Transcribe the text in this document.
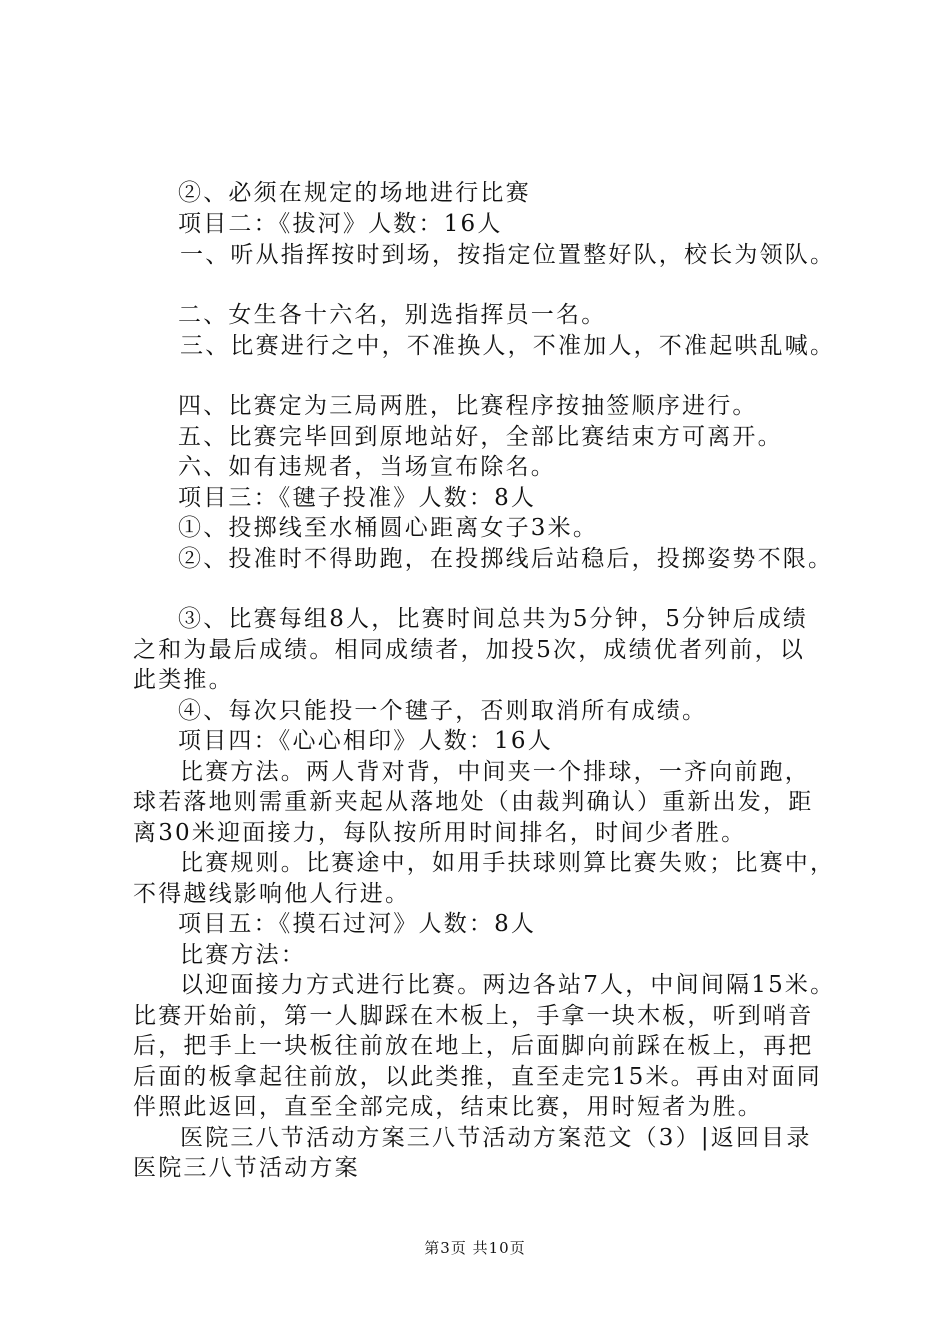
②、必须在规定的场地进行比赛
项目二：《拔河》人数：16人
一、听从指挥按时到场，按指定位置整好队，校长为领队。
二、女生各十六名，别选指挥员一名。
三、比赛进行之中，不准换人，不准加人，不准起哄乱喊。
四、比赛定为三局两胜，比赛程序按抽签顺序进行。
五、比赛完毕回到原地站好，全部比赛结束方可离开。
六、如有违规者，当场宣布除名。
项目三：《毽子投准》人数：8人
①、投掷线至水桶圆心距离女子3米。
②、投准时不得助跑，在投掷线后站稳后，投掷姿势不限。
③、比赛每组8人，比赛时间总共为5分钟，5分钟后成绩
之和为最后成绩。相同成绩者，加投5次，成绩优者列前，以
此类推。
④、每次只能投一个毽子，否则取消所有成绩。
项目四：《心心相印》人数：16人
比赛方法。两人背对背，中间夹一个排球，一齐向前跑，
球若落地则需重新夹起从落地处（由裁判确认）重新出发，距
离30米迎面接力，每队按所用时间排名，时间少者胜。
比赛规则。比赛途中，如用手扶球则算比赛失败；比赛中，
不得越线影响他人行进。
项目五：《摸石过河》人数：8人
比赛方法：
以迎面接力方式进行比赛。两边各站7人，中间间隔15米。
比赛开始前，第一人脚踩在木板上，手拿一块木板，听到哨音
后，把手上一块板往前放在地上，后面脚向前踩在板上，再把
后面的板拿起往前放，以此类推，直至走完15米。再由对面同
伴照此返回，直至全部完成，结束比赛，用时短者为胜。
医院三八节活动方案三八节活动方案范文（3）|返回目录
医院三八节活动方案
第3页 共10页
